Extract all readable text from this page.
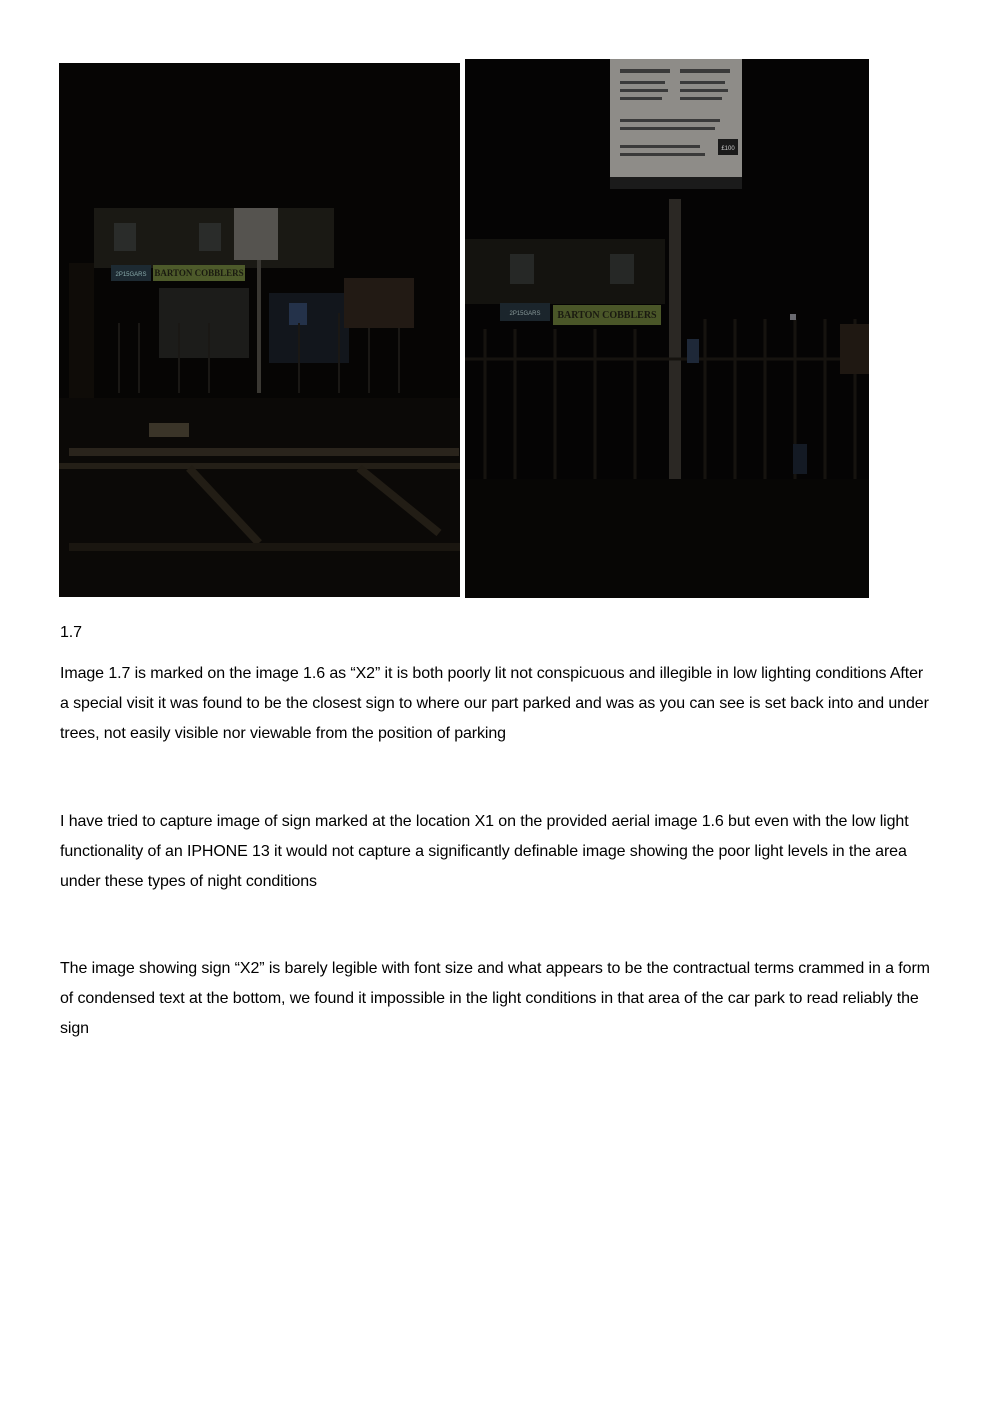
2P15GARS BARTON COBBLERS
£100
2P15GARS BARTON COBBLERS

1.7

Image 1.7 is marked on the image 1.6 as “X2” it is both poorly lit not conspicuous and illegible in low lighting conditions After a special visit it was found to be the closest sign to where our part parked and was as you can see is set back into and under trees, not easily visible nor viewable from the position of parking

I have tried to capture image of sign marked at the location X1 on the provided aerial image 1.6 but even with the low light functionality of an IPHONE 13 it would not capture a significantly definable image showing the poor light levels in the area under these types of night conditions

The image showing sign “X2” is barely legible with font size and what appears to be the contractual terms crammed in a form of condensed text at the bottom, we found it impossible in the light conditions in that area of the car park to read reliably the sign
